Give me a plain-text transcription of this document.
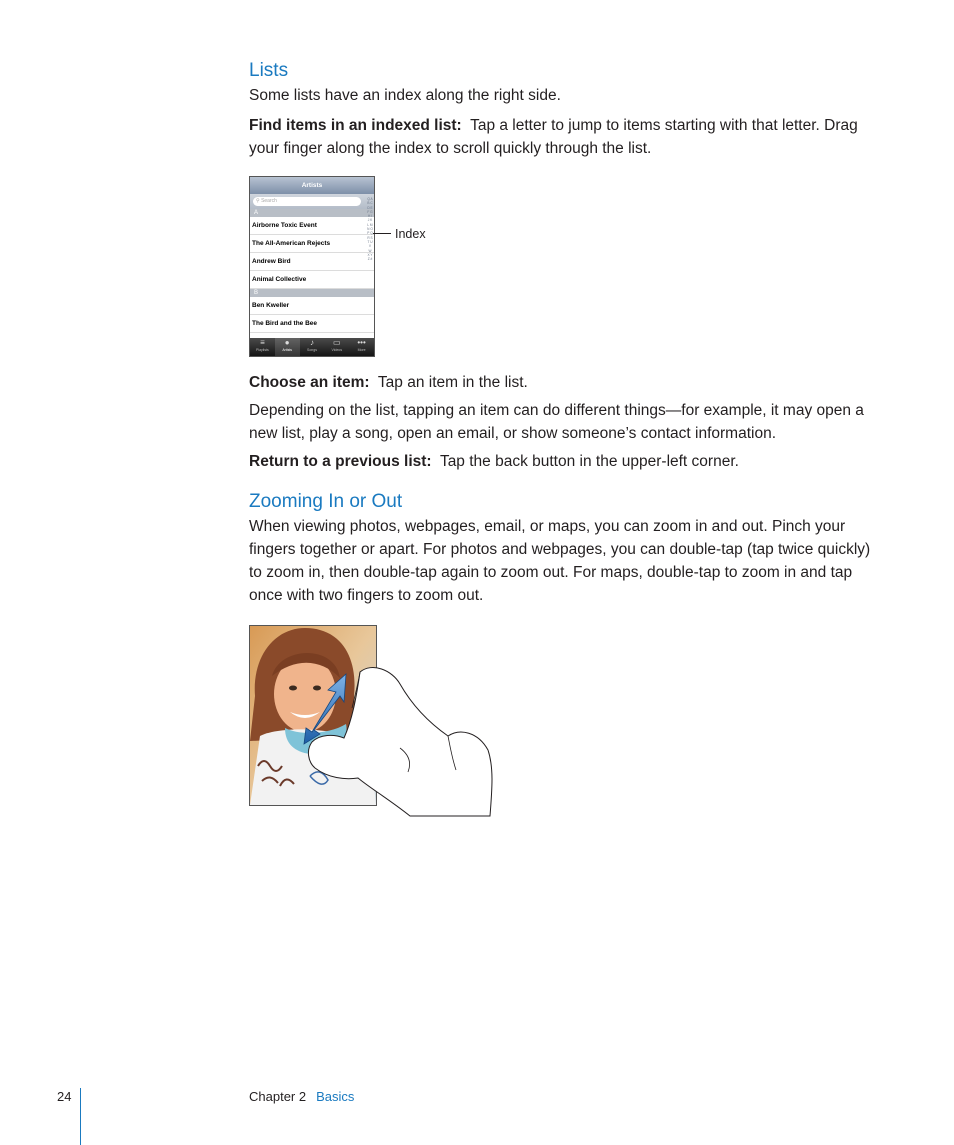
Lists

Some lists have an index along the right side.

Find items in an indexed list: Tap a letter to jump to items starting with that letter. Drag your finger along the index to scroll quickly through the list.

Artists
⚲ Search
A
Airborne Toxic Event
The All-American Rejects
Andrew Bird
Animal Collective
B
Ben Kweller
The Bird and the Bee
Q A B C D E F G H I J K L M N O P Q R S T U V W X Y Z #
≡
Playlists
●
Artists
♪
Songs
▭
Videos
•••
More
Index

Choose an item: Tap an item in the list.

Depending on the list, tapping an item can do different things—for example, it may open a new list, play a song, open an email, or show someone’s contact information.

Return to a previous list: Tap the back button in the upper-left corner.

Zooming In or Out

When viewing photos, webpages, email, or maps, you can zoom in and out. Pinch your fingers together or apart. For photos and webpages, you can double-tap (tap twice quickly) to zoom in, then double-tap again to zoom out. For maps, double-tap to zoom in and tap once with two fingers to zoom out.

24	Chapter 2 Basics
